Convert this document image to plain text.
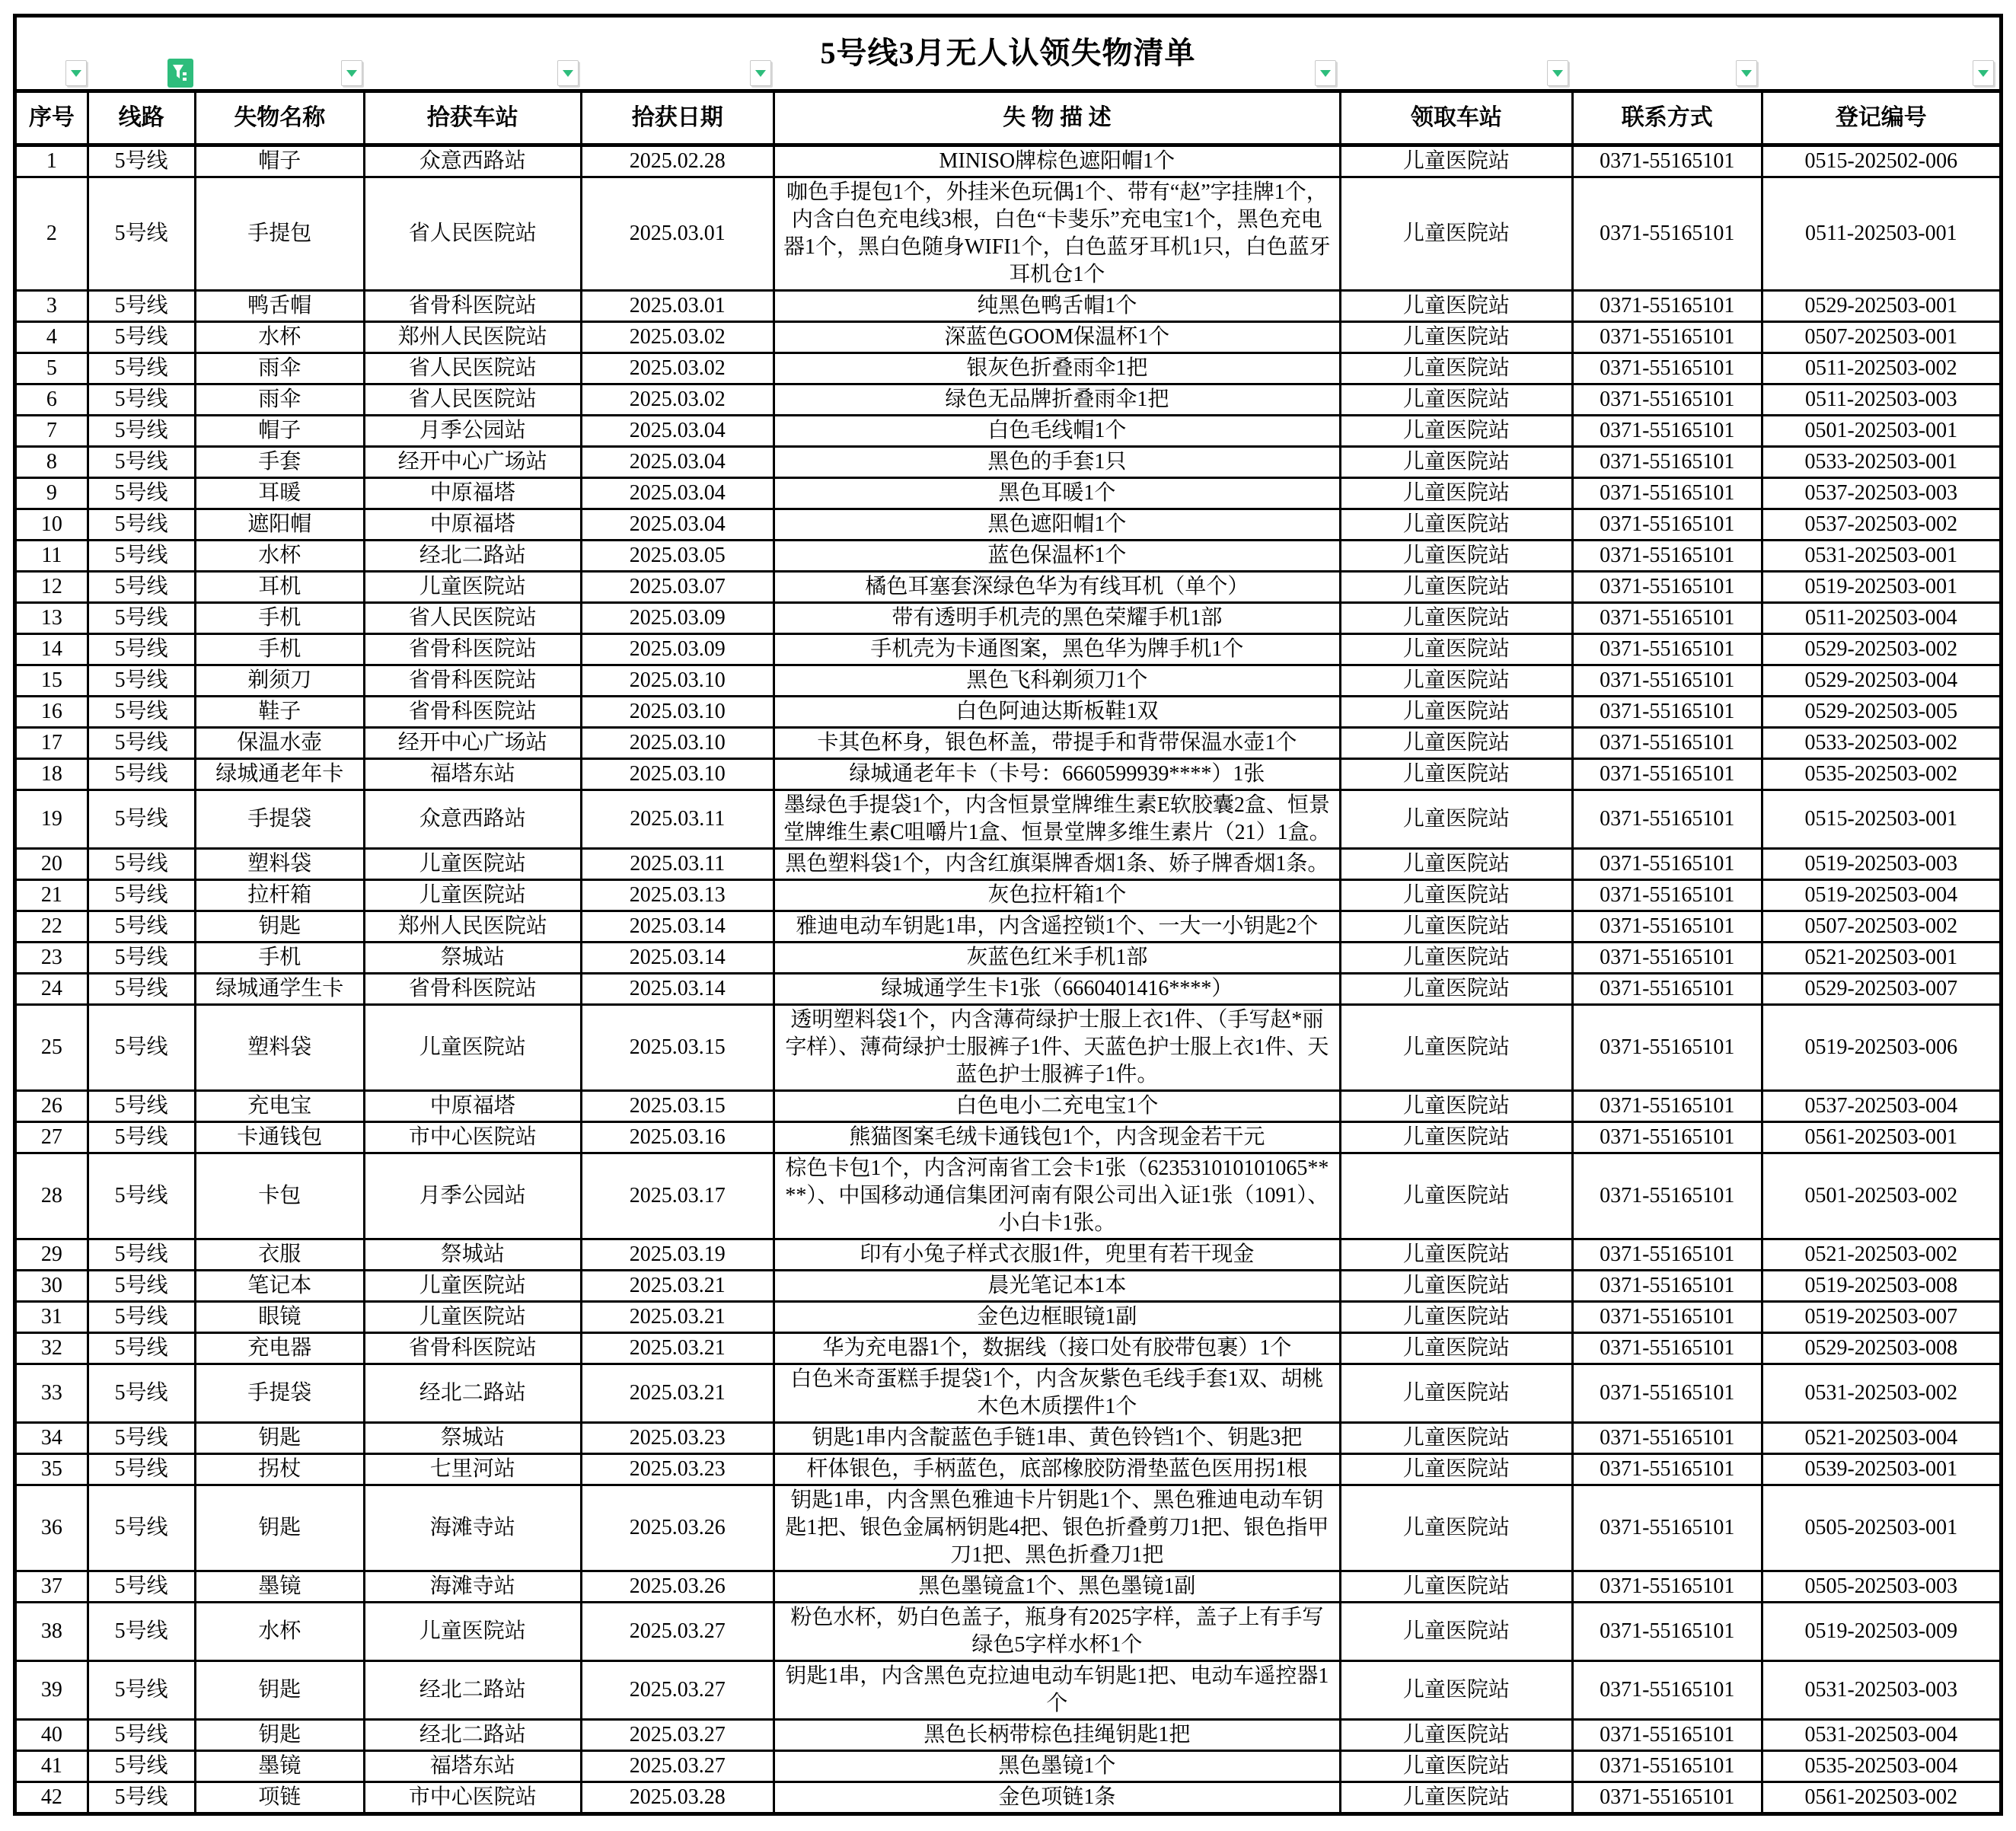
5号线3月无人认领失物清单								

序号	线路	失物名称	拾获车站	拾获日期	失 物 描 述	领取车站	联系方式	登记编号
1	5号线	帽子	众意西路站	2025.02.28	MINISO牌棕色遮阳帽1个	儿童医院站	0371-55165101	0515-202502-006
2	5号线	手提包	省人民医院站	2025.03.01	咖色手提包1个，外挂米色玩偶1个、带有“赵”字挂牌1个，内含白色充电线3根，白色“卡斐乐”充电宝1个，黑色充电器1个，黑白色随身WIFI1个，白色蓝牙耳机1只，白色蓝牙耳机仓1个	儿童医院站	0371-55165101	0511-202503-001
3	5号线	鸭舌帽	省骨科医院站	2025.03.01	纯黑色鸭舌帽1个	儿童医院站	0371-55165101	0529-202503-001
4	5号线	水杯	郑州人民医院站	2025.03.02	深蓝色GOOM保温杯1个	儿童医院站	0371-55165101	0507-202503-001
5	5号线	雨伞	省人民医院站	2025.03.02	银灰色折叠雨伞1把	儿童医院站	0371-55165101	0511-202503-002
6	5号线	雨伞	省人民医院站	2025.03.02	绿色无品牌折叠雨伞1把	儿童医院站	0371-55165101	0511-202503-003
7	5号线	帽子	月季公园站	2025.03.04	白色毛线帽1个	儿童医院站	0371-55165101	0501-202503-001
8	5号线	手套	经开中心广场站	2025.03.04	黑色的手套1只	儿童医院站	0371-55165101	0533-202503-001
9	5号线	耳暖	中原福塔	2025.03.04	黑色耳暖1个	儿童医院站	0371-55165101	0537-202503-003
10	5号线	遮阳帽	中原福塔	2025.03.04	黑色遮阳帽1个	儿童医院站	0371-55165101	0537-202503-002
11	5号线	水杯	经北二路站	2025.03.05	蓝色保温杯1个	儿童医院站	0371-55165101	0531-202503-001
12	5号线	耳机	儿童医院站	2025.03.07	橘色耳塞套深绿色华为有线耳机（单个）	儿童医院站	0371-55165101	0519-202503-001
13	5号线	手机	省人民医院站	2025.03.09	带有透明手机壳的黑色荣耀手机1部	儿童医院站	0371-55165101	0511-202503-004
14	5号线	手机	省骨科医院站	2025.03.09	手机壳为卡通图案，黑色华为牌手机1个	儿童医院站	0371-55165101	0529-202503-002
15	5号线	剃须刀	省骨科医院站	2025.03.10	黑色飞科剃须刀1个	儿童医院站	0371-55165101	0529-202503-004
16	5号线	鞋子	省骨科医院站	2025.03.10	白色阿迪达斯板鞋1双	儿童医院站	0371-55165101	0529-202503-005
17	5号线	保温水壶	经开中心广场站	2025.03.10	卡其色杯身，银色杯盖，带提手和背带保温水壶1个	儿童医院站	0371-55165101	0533-202503-002
18	5号线	绿城通老年卡	福塔东站	2025.03.10	绿城通老年卡（卡号：6660599939****）1张	儿童医院站	0371-55165101	0535-202503-002
19	5号线	手提袋	众意西路站	2025.03.11	墨绿色手提袋1个，内含恒景堂牌维生素E软胶囊2盒、恒景堂牌维生素C咀嚼片1盒、恒景堂牌多维生素片（21）1盒。	儿童医院站	0371-55165101	0515-202503-001
20	5号线	塑料袋	儿童医院站	2025.03.11	黑色塑料袋1个，内含红旗渠牌香烟1条、娇子牌香烟1条。	儿童医院站	0371-55165101	0519-202503-003
21	5号线	拉杆箱	儿童医院站	2025.03.13	灰色拉杆箱1个	儿童医院站	0371-55165101	0519-202503-004
22	5号线	钥匙	郑州人民医院站	2025.03.14	雅迪电动车钥匙1串，内含遥控锁1个、一大一小钥匙2个	儿童医院站	0371-55165101	0507-202503-002
23	5号线	手机	祭城站	2025.03.14	灰蓝色红米手机1部	儿童医院站	0371-55165101	0521-202503-001
24	5号线	绿城通学生卡	省骨科医院站	2025.03.14	绿城通学生卡1张（6660401416****）	儿童医院站	0371-55165101	0529-202503-007
25	5号线	塑料袋	儿童医院站	2025.03.15	透明塑料袋1个，内含薄荷绿护士服上衣1件、（手写赵*丽字样）、薄荷绿护士服裤子1件、天蓝色护士服上衣1件、天蓝色护士服裤子1件。	儿童医院站	0371-55165101	0519-202503-006
26	5号线	充电宝	中原福塔	2025.03.15	白色电小二充电宝1个	儿童医院站	0371-55165101	0537-202503-004
27	5号线	卡通钱包	市中心医院站	2025.03.16	熊猫图案毛绒卡通钱包1个，内含现金若干元	儿童医院站	0371-55165101	0561-202503-001
28	5号线	卡包	月季公园站	2025.03.17	棕色卡包1个，内含河南省工会卡1张（623531010101065****）、中国移动通信集团河南有限公司出入证1张（1091）、小白卡1张。	儿童医院站	0371-55165101	0501-202503-002
29	5号线	衣服	祭城站	2025.03.19	印有小兔子样式衣服1件，兜里有若干现金	儿童医院站	0371-55165101	0521-202503-002
30	5号线	笔记本	儿童医院站	2025.03.21	晨光笔记本1本	儿童医院站	0371-55165101	0519-202503-008
31	5号线	眼镜	儿童医院站	2025.03.21	金色边框眼镜1副	儿童医院站	0371-55165101	0519-202503-007
32	5号线	充电器	省骨科医院站	2025.03.21	华为充电器1个，数据线（接口处有胶带包裹）1个	儿童医院站	0371-55165101	0529-202503-008
33	5号线	手提袋	经北二路站	2025.03.21	白色米奇蛋糕手提袋1个，内含灰紫色毛线手套1双、胡桃木色木质摆件1个	儿童医院站	0371-55165101	0531-202503-002
34	5号线	钥匙	祭城站	2025.03.23	钥匙1串内含靛蓝色手链1串、黄色铃铛1个、钥匙3把	儿童医院站	0371-55165101	0521-202503-004
35	5号线	拐杖	七里河站	2025.03.23	杆体银色，手柄蓝色，底部橡胶防滑垫蓝色医用拐1根	儿童医院站	0371-55165101	0539-202503-001
36	5号线	钥匙	海滩寺站	2025.03.26	钥匙1串，内含黑色雅迪卡片钥匙1个、黑色雅迪电动车钥匙1把、银色金属柄钥匙4把、银色折叠剪刀1把、银色指甲刀1把、黑色折叠刀1把	儿童医院站	0371-55165101	0505-202503-001
37	5号线	墨镜	海滩寺站	2025.03.26	黑色墨镜盒1个、黑色墨镜1副	儿童医院站	0371-55165101	0505-202503-003
38	5号线	水杯	儿童医院站	2025.03.27	粉色水杯，奶白色盖子，瓶身有2025字样，盖子上有手写绿色5字样水杯1个	儿童医院站	0371-55165101	0519-202503-009
39	5号线	钥匙	经北二路站	2025.03.27	钥匙1串，内含黑色克拉迪电动车钥匙1把、电动车遥控器1个	儿童医院站	0371-55165101	0531-202503-003
40	5号线	钥匙	经北二路站	2025.03.27	黑色长柄带棕色挂绳钥匙1把	儿童医院站	0371-55165101	0531-202503-004
41	5号线	墨镜	福塔东站	2025.03.27	黑色墨镜1个	儿童医院站	0371-55165101	0535-202503-004
42	5号线	项链	市中心医院站	2025.03.28	金色项链1条	儿童医院站	0371-55165101	0561-202503-002
